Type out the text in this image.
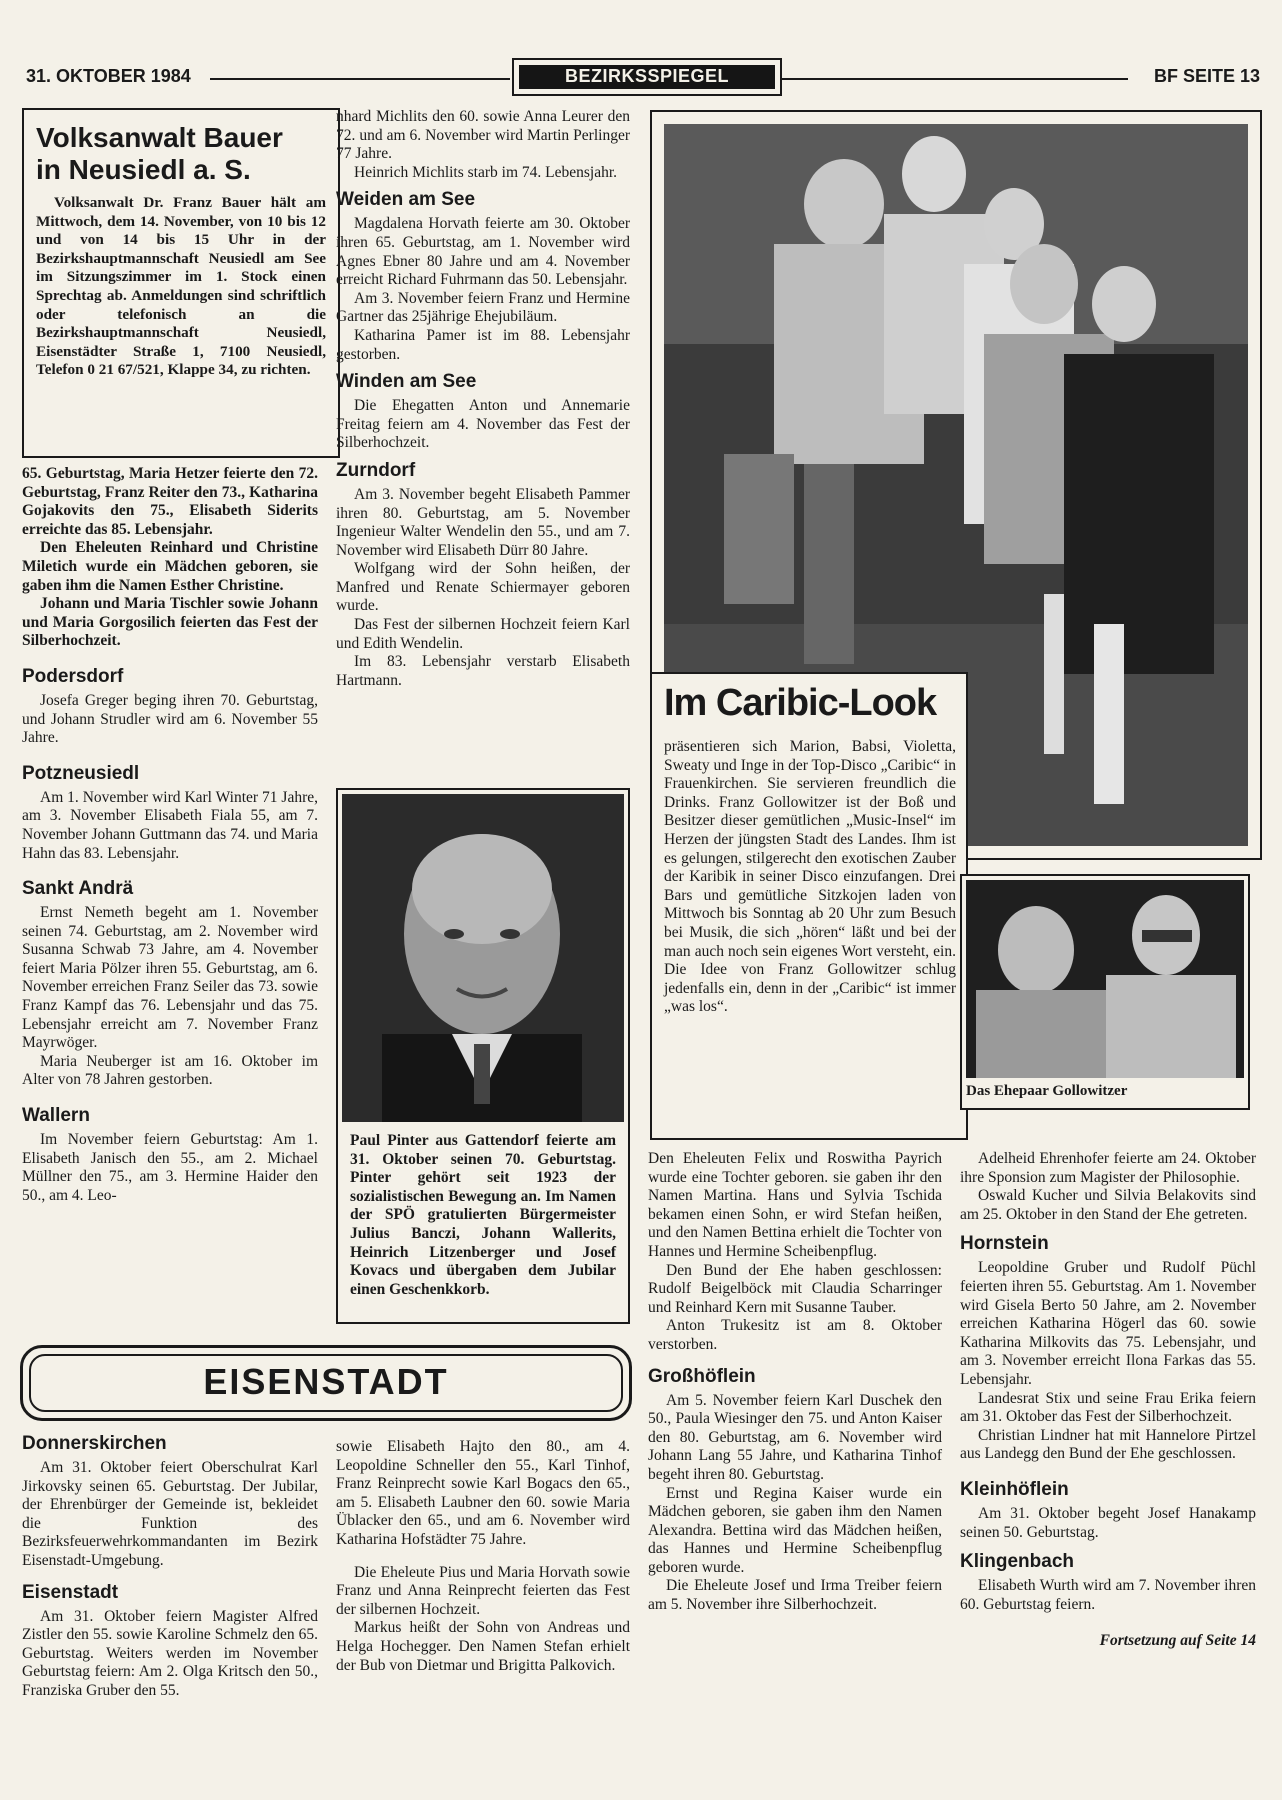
31. OKTOBER 1984	BF SEITE 13
BEZIRKSSPIEGEL
Volksanwalt Bauer
in Neusiedl a. S.

Volksanwalt Dr. Franz Bauer hält am Mittwoch, dem 14. November, von 10 bis 12 und von 14 bis 15 Uhr in der Bezirkshauptmannschaft Neusiedl am See im Sitzungszimmer im 1. Stock einen Sprechtag ab. Anmeldungen sind schriftlich oder telefonisch an die Bezirkshauptmannschaft Neusiedl, Eisenstädter Straße 1, 7100 Neusiedl, Telefon 0 21 67/521, Klappe 34, zu richten.

65. Geburtstag, Maria Hetzer feierte den 72. Geburtstag, Franz Reiter den 73., Katharina Gojakovits den 75., Elisabeth Siderits erreichte das 85. Lebensjahr.

Den Eheleuten Reinhard und Christine Miletich wurde ein Mädchen geboren, sie gaben ihm die Namen Esther Christine.

Johann und Maria Tischler sowie Johann und Maria Gorgosilich feierten das Fest der Silberhochzeit.

Podersdorf

Josefa Greger beging ihren 70. Geburtstag, und Johann Strudler wird am 6. November 55 Jahre.

Potzneusiedl

Am 1. November wird Karl Winter 71 Jahre, am 3. November Elisabeth Fiala 55, am 7. November Johann Guttmann das 74. und Maria Hahn das 83. Lebensjahr.

Sankt Andrä

Ernst Nemeth begeht am 1. November seinen 74. Geburtstag, am 2. November wird Susanna Schwab 73 Jahre, am 4. November feiert Maria Pölzer ihren 55. Geburtstag, am 6. November erreichen Franz Seiler das 73. sowie Franz Kampf das 76. Lebensjahr und das 75. Lebensjahr erreicht am 7. November Franz Mayrwöger.

Maria Neuberger ist am 16. Oktober im Alter von 78 Jahren gestorben.

Wallern

Im November feiern Geburtstag: Am 1. Elisabeth Janisch den 55., am 2. Michael Müllner den 75., am 3. Hermine Haider den 50., am 4. Leo-

nhard Michlits den 60. sowie Anna Leurer den 72. und am 6. November wird Martin Perlinger 77 Jahre.

Heinrich Michlits starb im 74. Lebensjahr.

Weiden am See

Magdalena Horvath feierte am 30. Oktober ihren 65. Geburtstag, am 1. November wird Agnes Ebner 80 Jahre und am 4. November erreicht Richard Fuhrmann das 50. Lebensjahr.

Am 3. November feiern Franz und Hermine Gartner das 25jährige Ehejubiläum.

Katharina Pamer ist im 88. Lebensjahr gestorben.

Winden am See

Die Ehegatten Anton und Annemarie Freitag feiern am 4. November das Fest der Silberhochzeit.

Zurndorf

Am 3. November begeht Elisabeth Pammer ihren 80. Geburtstag, am 5. November Ingenieur Walter Wendelin den 55., und am 7. November wird Elisabeth Dürr 80 Jahre.

Wolfgang wird der Sohn heißen, der Manfred und Renate Schiermayer geboren wurde.

Das Fest der silbernen Hochzeit feiern Karl und Edith Wendelin.

Im 83. Lebensjahr verstarb Elisabeth Hartmann.

Paul Pinter aus Gattendorf feierte am 31. Oktober seinen 70. Geburtstag. Pinter gehört seit 1923 der sozialistischen Bewegung an. Im Namen der SPÖ gratulierten Bürgermeister Julius Banczi, Johann Wallerits, Heinrich Litzenberger und Josef Kovacs und übergaben dem Jubilar einen Geschenkkorb.
Im Caribic-Look

präsentieren sich Marion, Babsi, Violetta, Sweaty und Inge in der Top-Disco „Caribic“ in Frauenkirchen. Sie servieren freundlich die Drinks. Franz Gollowitzer ist der Boß und Besitzer dieser gemütlichen „Music-Insel“ im Herzen der jüngsten Stadt des Landes. Ihm ist es gelungen, stilgerecht den exotischen Zauber der Karibik in seiner Disco einzufangen. Drei Bars und gemütliche Sitzkojen laden von Mittwoch bis Sonntag ab 20 Uhr zum Besuch bei Musik, die sich „hören“ läßt und bei der man auch noch sein eigenes Wort versteht, ein. Die Idee von Franz Gollowitzer schlug jedenfalls ein, denn in der „Caribic“ ist immer „was los“.

Das Ehepaar Gollowitzer

Den Eheleuten Felix und Roswitha Payrich wurde eine Tochter geboren. sie gaben ihr den Namen Martina. Hans und Sylvia Tschida bekamen einen Sohn, er wird Stefan heißen, und den Namen Bettina erhielt die Tochter von Hannes und Hermine Scheibenpflug.

Den Bund der Ehe haben geschlossen: Rudolf Beigelböck mit Claudia Scharringer und Reinhard Kern mit Susanne Tauber.

Anton Trukesitz ist am 8. Oktober verstorben.

Großhöflein

Am 5. November feiern Karl Duschek den 50., Paula Wiesinger den 75. und Anton Kaiser den 80. Geburtstag, am 6. November wird Johann Lang 55 Jahre, und Katharina Tinhof begeht ihren 80. Geburtstag.

Ernst und Regina Kaiser wurde ein Mädchen geboren, sie gaben ihm den Namen Alexandra. Bettina wird das Mädchen heißen, das Hannes und Hermine Scheibenpflug geboren wurde.

Die Eheleute Josef und Irma Treiber feiern am 5. November ihre Silberhochzeit.

Adelheid Ehrenhofer feierte am 24. Oktober ihre Sponsion zum Magister der Philosophie.

Oswald Kucher und Silvia Belakovits sind am 25. Oktober in den Stand der Ehe getreten.

Hornstein

Leopoldine Gruber und Rudolf Püchl feierten ihren 55. Geburtstag. Am 1. November wird Gisela Berto 50 Jahre, am 2. November erreichen Katharina Högerl das 60. sowie Katharina Milkovits das 75. Lebensjahr, und am 3. November erreicht Ilona Farkas das 55. Lebensjahr.

Landesrat Stix und seine Frau Erika feiern am 31. Oktober das Fest der Silberhochzeit.

Christian Lindner hat mit Hannelore Pirtzel aus Landegg den Bund der Ehe geschlossen.

Kleinhöflein

Am 31. Oktober begeht Josef Hanakamp seinen 50. Geburtstag.

Klingenbach

Elisabeth Wurth wird am 7. November ihren 60. Geburtstag feiern.

Fortsetzung auf Seite 14
EISENSTADT
Donnerskirchen

Am 31. Oktober feiert Oberschulrat Karl Jirkovsky seinen 65. Geburtstag. Der Jubilar, der Ehrenbürger der Gemeinde ist, bekleidet die Funktion des Bezirksfeuerwehrkommandanten im Bezirk Eisenstadt-Umgebung.

Eisenstadt

Am 31. Oktober feiern Magister Alfred Zistler den 55. sowie Karoline Schmelz den 65. Geburtstag. Weiters werden im November Geburtstag feiern: Am 2. Olga Kritsch den 50., Franziska Gruber den 55.

sowie Elisabeth Hajto den 80., am 4. Leopoldine Schneller den 55., Karl Tinhof, Franz Reinprecht sowie Karl Bogacs den 65., am 5. Elisabeth Laubner den 60. sowie Maria Üblacker den 65., und am 6. November wird Katharina Hofstädter 75 Jahre.

Die Eheleute Pius und Maria Horvath sowie Franz und Anna Reinprecht feierten das Fest der silbernen Hochzeit.

Markus heißt der Sohn von Andreas und Helga Hochegger. Den Namen Stefan erhielt der Bub von Dietmar und Brigitta Palkovich.
